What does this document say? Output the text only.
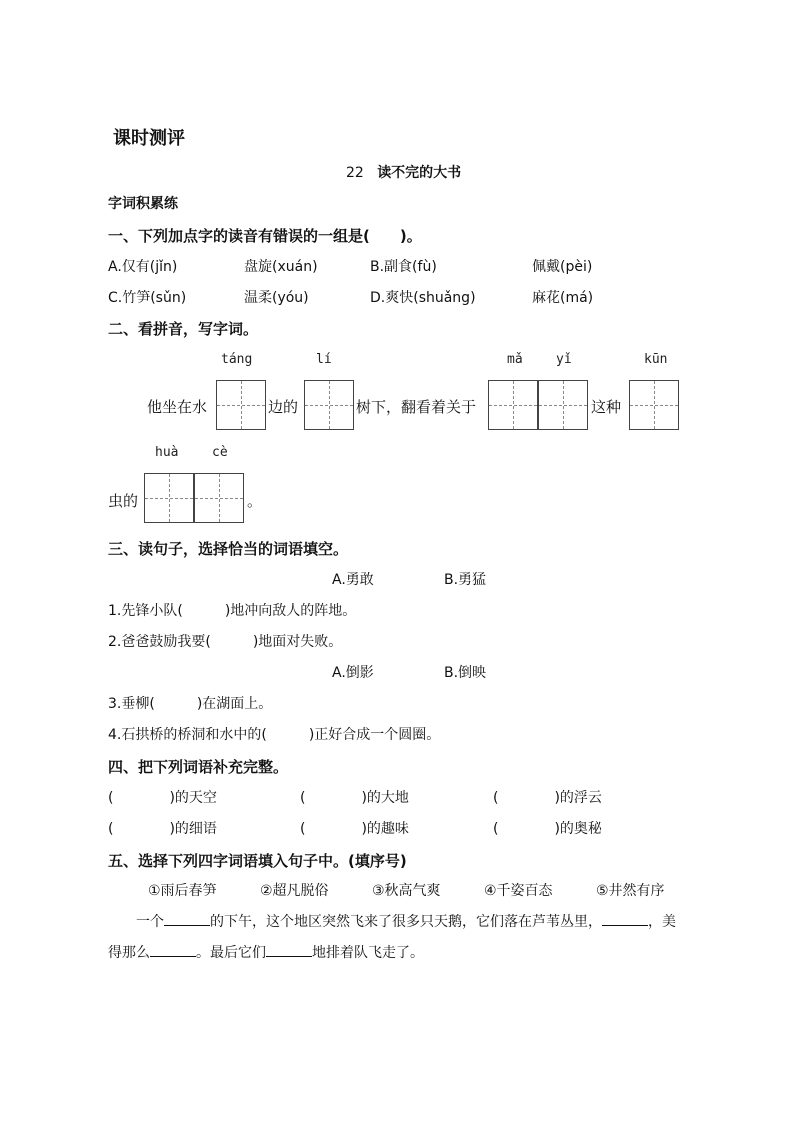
课时测评
22 读不完的大书
字词积累练
一、下列加点字的读音有错误的一组是(　　)。
A.仅有(jǐn)	盘旋(xuán)	B.副食(fù)	佩戴(pèi)
C.竹笋(sǔn)	温柔(yóu)	D.爽快(shuǎng)	麻花(má)
二、看拼音，写字词。
táng	lí	mǎ	yǐ	kūn
他坐在水	边的	树下，翻看着关于	这种
huà	cè
虫的	。
三、读句子，选择恰当的词语填空。
A.勇敢	B.勇猛
1.先锋小队(　　　)地冲向敌人的阵地。
2.爸爸鼓励我要(　　　)地面对失败。
A.倒影	B.倒映
3.垂柳(　　　)在湖面上。
4.石拱桥的桥洞和水中的(　　　)正好合成一个圆圈。
四、把下列词语补充完整。
(　　　　)的天空	(　　　　)的大地	(　　　　)的浮云
(　　　　)的细语	(　　　　)的趣味	(　　　　)的奥秘
五、选择下列四字词语填入句子中。(填序号)
①雨后春笋	②超凡脱俗	③秋高气爽	④千姿百态	⑤井然有序
一个	的下午，这个地区突然飞来了很多只天鹅，它们落在芦苇丛里，	，美
得那么	。最后它们	地排着队飞走了。
